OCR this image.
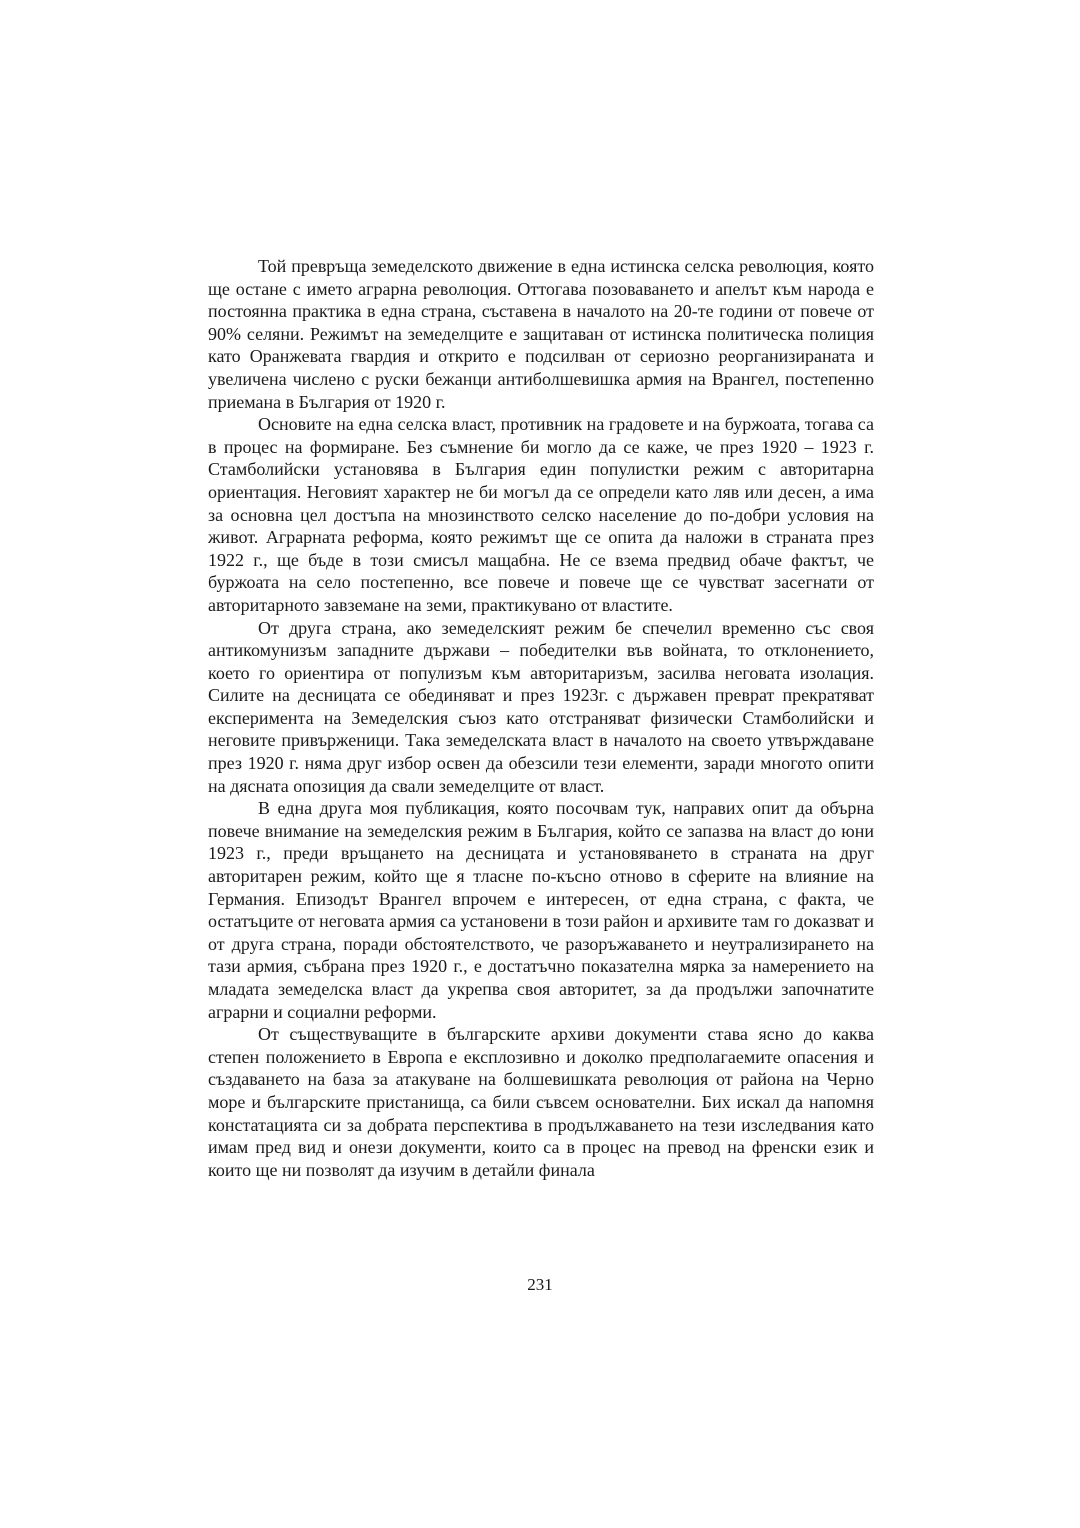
Той превръща земеделското движение в една истинска селска революция, която ще остане с името аграрна революция. Оттогава позоваването и апелът към народа е постоянна практика в една страна, съставена в началото на 20-те години от повече от 90% селяни. Режимът на земеделците е защитаван от истинска политическа полиция като Оранжевата гвардия и открито е подсилван от сериозно реорганизираната и увеличена числено с руски бежанци антиболшевишка армия на Врангел, постепенно приемана в България от 1920 г.

Основите на една селска власт, противник на градовете и на буржоата, тогава са в процес на формиране. Без съмнение би могло да се каже, че през 1920 – 1923 г. Стамболийски установява в България един популистки режим с авторитарна ориентация. Неговият характер не би могъл да се определи като ляв или десен, а има за основна цел достъпа на мнозинството селско население до по-добри условия на живот. Аграрната реформа, която режимът ще се опита да наложи в страната през 1922 г., ще бъде в този смисъл мащабна. Не се взема предвид обаче фактът, че буржоата на село постепенно, все повече и повече ще се чувстват засегнати от авторитарното завземане на земи, практикувано от властите.

От друга страна, ако земеделският режим бе спечелил временно със своя антикомунизъм западните държави – победителки във войната, то отклонението, което го ориентира от популизъм към авторитаризъм, засилва неговата изолация. Силите на десницата се обединяват и през 1923г. с държавен преврат прекратяват експеримента на Земеделския съюз като отстраняват физически Стамболийски и неговите привърженици. Така земеделската власт в началото на своето утвърждаване през 1920 г. няма друг избор освен да обезсили тези елементи, заради многото опити на дясната опозиция да свали земеделците от власт.

В една друга моя публикация, която посочвам тук, направих опит да обърна повече внимание на земеделския режим в България, който се запазва на власт до юни 1923 г., преди връщането на десницата и установяването в страната на друг авторитарен режим, който ще я тласне по-късно отново в сферите на влияние на Германия. Епизодът Врангел впрочем е интересен, от една страна, с факта, че остатъците от неговата армия са установени в този район и архивите там го доказват и от друга страна, поради обстоятелството, че разоръжаването и неутрализирането на тази армия, събрана през 1920 г., е достатъчно показателна мярка за намерението на младата земеделска власт да укрепва своя авторитет, за да продължи започнатите аграрни и социални реформи.

От съществуващите в българските архиви документи става ясно до каква степен положението в Европа е експлозивно и доколко предполагаемите опасения и създаването на база за атакуване на болшевишката революция от района на Черно море и българските пристанища, са били съвсем основателни. Бих искал да напомня констатацията си за добрата перспектива в продължаването на тези изследвания като имам пред вид и онези документи, които са в процес на превод на френски език и които ще ни позволят да изучим в детайли финала

231
